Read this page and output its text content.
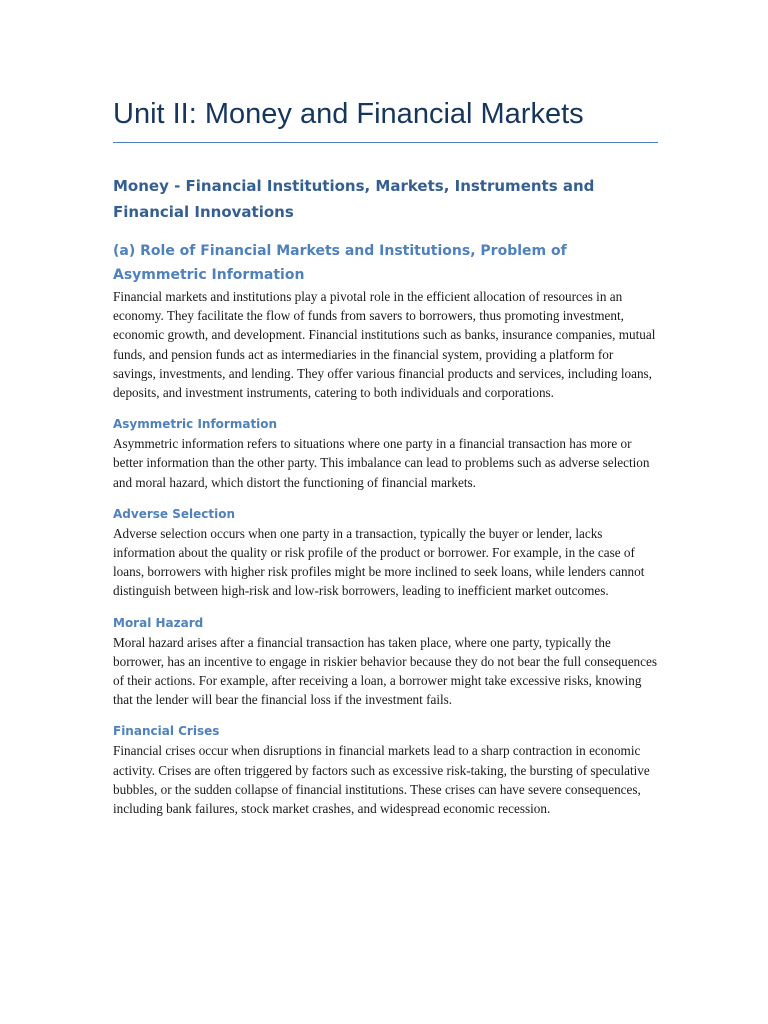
Unit II: Money and Financial Markets
Money - Financial Institutions, Markets, Instruments and Financial Innovations
(a) Role of Financial Markets and Institutions, Problem of Asymmetric Information

Financial markets and institutions play a pivotal role in the efficient allocation of resources in an economy. They facilitate the flow of funds from savers to borrowers, thus promoting investment, economic growth, and development. Financial institutions such as banks, insurance companies, mutual funds, and pension funds act as intermediaries in the financial system, providing a platform for savings, investments, and lending. They offer various financial products and services, including loans, deposits, and investment instruments, catering to both individuals and corporations.

Asymmetric Information

Asymmetric information refers to situations where one party in a financial transaction has more or better information than the other party. This imbalance can lead to problems such as adverse selection and moral hazard, which distort the functioning of financial markets.

Adverse Selection

Adverse selection occurs when one party in a transaction, typically the buyer or lender, lacks information about the quality or risk profile of the product or borrower. For example, in the case of loans, borrowers with higher risk profiles might be more inclined to seek loans, while lenders cannot distinguish between high-risk and low-risk borrowers, leading to inefficient market outcomes.

Moral Hazard

Moral hazard arises after a financial transaction has taken place, where one party, typically the borrower, has an incentive to engage in riskier behavior because they do not bear the full consequences of their actions. For example, after receiving a loan, a borrower might take excessive risks, knowing that the lender will bear the financial loss if the investment fails.

Financial Crises

Financial crises occur when disruptions in financial markets lead to a sharp contraction in economic activity. Crises are often triggered by factors such as excessive risk-taking, the bursting of speculative bubbles, or the sudden collapse of financial institutions. These crises can have severe consequences, including bank failures, stock market crashes, and widespread economic recession.
